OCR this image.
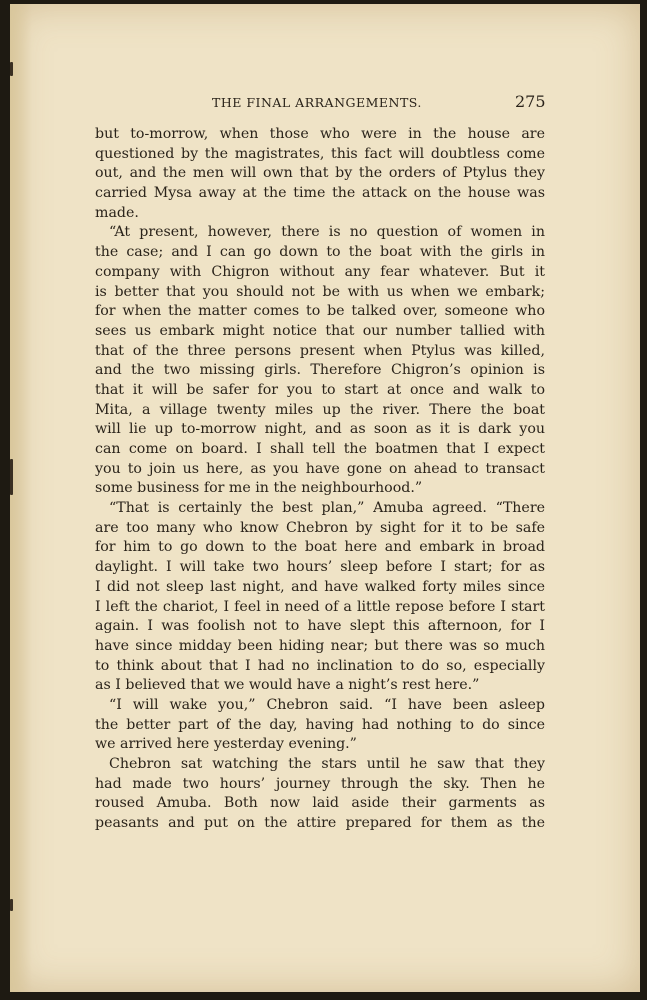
THE FINAL ARRANGEMENTS.	275
but to-morrow, when those who were in the house are
questioned by the magistrates, this fact will doubtless come
out, and the men will own that by the orders of Ptylus they
carried Mysa away at the time the attack on the house was
made.
“At present, however, there is no question of women in
the case; and I can go down to the boat with the girls in
company with Chigron without any fear whatever. But it
is better that you should not be with us when we embark;
for when the matter comes to be talked over, someone who
sees us embark might notice that our number tallied with
that of the three persons present when Ptylus was killed,
and the two missing girls. Therefore Chigron’s opinion is
that it will be safer for you to start at once and walk to
Mita, a village twenty miles up the river. There the boat
will lie up to-morrow night, and as soon as it is dark you
can come on board. I shall tell the boatmen that I expect
you to join us here, as you have gone on ahead to transact
some business for me in the neighbourhood.”
“That is certainly the best plan,” Amuba agreed. “There
are too many who know Chebron by sight for it to be safe
for him to go down to the boat here and embark in broad
daylight. I will take two hours’ sleep before I start; for as
I did not sleep last night, and have walked forty miles since
I left the chariot, I feel in need of a little repose before I start
again. I was foolish not to have slept this afternoon, for I
have since midday been hiding near; but there was so much
to think about that I had no inclination to do so, especially
as I believed that we would have a night’s rest here.”
“I will wake you,” Chebron said. “I have been asleep
the better part of the day, having had nothing to do since
we arrived here yesterday evening.”
Chebron sat watching the stars until he saw that they
had made two hours’ journey through the sky. Then he
roused Amuba. Both now laid aside their garments as
peasants and put on the attire prepared for them as the
